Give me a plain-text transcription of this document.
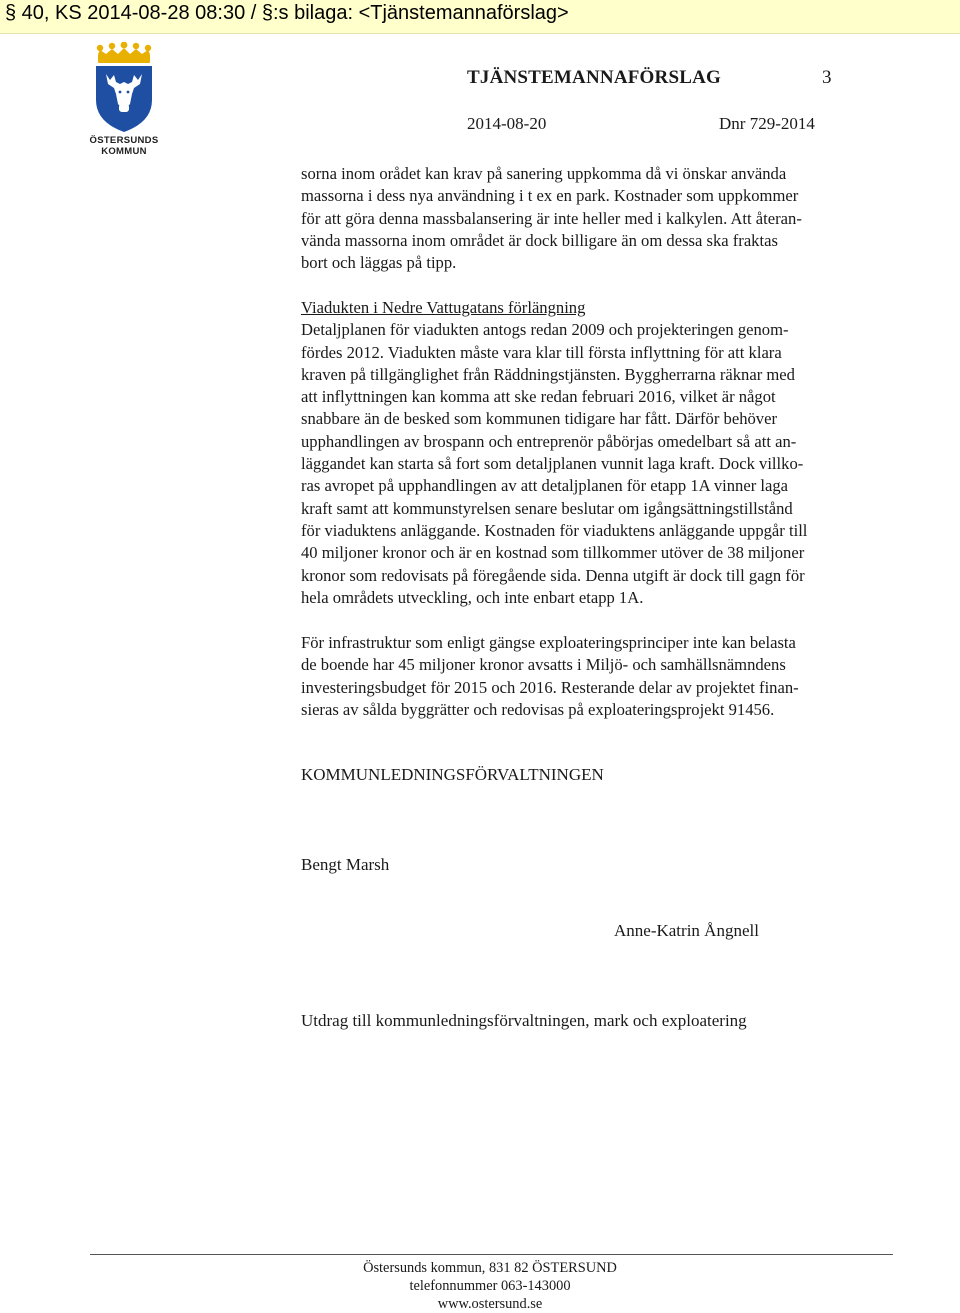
§ 40, KS 2014-08-28 08:30 / §:s bilaga: <Tjänstemannaförslag>
ÖSTERSUNDS
KOMMUN
TJÄNSTEMANNAFÖRSLAG	3
2014-08-20	Dnr 729-2014
sorna inom orådet kan krav på sanering uppkomma då vi önskar använda
massorna i dess nya användning i t ex en park. Kostnader som uppkommer
för att göra denna massbalansering är inte heller med i kalkylen. Att återan-
vända massorna inom området är dock billigare än om dessa ska fraktas
bort och läggas på tipp.
Viadukten i Nedre Vattugatans förlängning
Detaljplanen för viadukten antogs redan 2009 och projekteringen genom-
fördes 2012. Viadukten måste vara klar till första inflyttning för att klara
kraven på tillgänglighet från Räddningstjänsten. Byggherrarna räknar med
att inflyttningen kan komma att ske redan februari 2016, vilket är något
snabbare än de besked som kommunen tidigare har fått. Därför behöver
upphandlingen av brospann och entreprenör påbörjas omedelbart så att an-
läggandet kan starta så fort som detaljplanen vunnit laga kraft. Dock villko-
ras avropet på upphandlingen av att detaljplanen för etapp 1A vinner laga
kraft samt att kommunstyrelsen senare beslutar om igångsättningstillstånd
för viaduktens anläggande. Kostnaden för viaduktens anläggande uppgår till
40 miljoner kronor och är en kostnad som tillkommer utöver de 38 miljoner
kronor som redovisats på föregående sida. Denna utgift är dock till gagn för
hela områdets utveckling, och inte enbart etapp 1A.
För infrastruktur som enligt gängse exploateringsprinciper inte kan belasta
de boende har 45 miljoner kronor avsatts i Miljö- och samhällsnämndens
investeringsbudget för 2015 och 2016. Resterande delar av projektet finan-
sieras av sålda byggrätter och redovisas på exploateringsprojekt 91456.
KOMMUNLEDNINGSFÖRVALTNINGEN
Bengt Marsh
Anne-Katrin Ångnell
Utdrag till kommunledningsförvaltningen, mark och exploatering
Östersunds kommun, 831 82 ÖSTERSUND
telefonnummer 063-143000
www.ostersund.se
